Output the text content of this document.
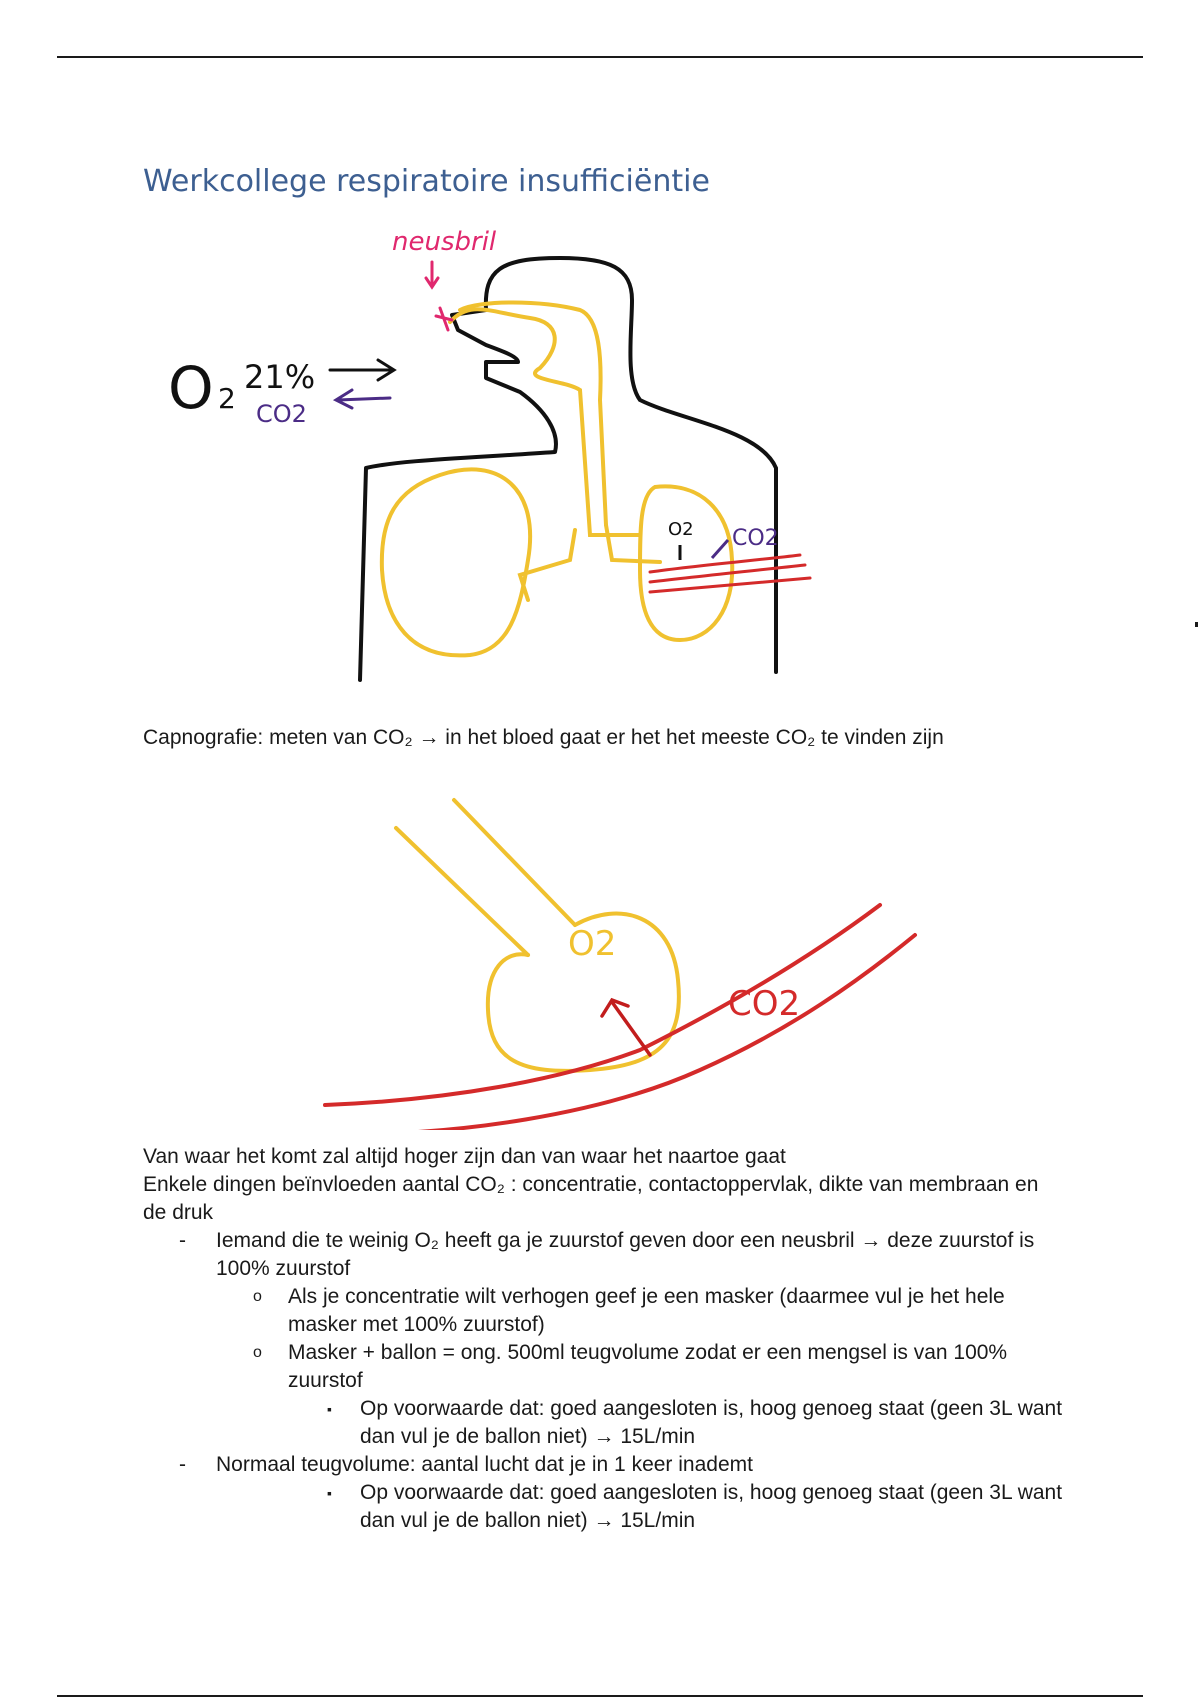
Werkcollege respiratoire insufficiëntie
neusbril
O 2
21%
CO2
O2 CO2
Capnografie: meten van CO₂ → in het bloed gaat er het het meeste CO₂ te vinden zijn
O2
CO2

Van waar het komt zal altijd hoger zijn dan van waar het naartoe gaat

Enkele dingen beïnvloeden aantal CO₂ : concentratie, contactoppervlak, dikte van membraan en de druk

- Iemand die te weinig O₂ heeft ga je zuurstof geven door een neusbril → deze zuurstof is 100% zuurstof
o Als je concentratie wilt verhogen geef je een masker (daarmee vul je het hele masker met 100% zuurstof)
o Masker + ballon = ong. 500ml teugvolume zodat er een mengsel is van 100% zuurstof
▪ Op voorwaarde dat: goed aangesloten is, hoog genoeg staat (geen 3L want dan vul je de ballon niet) → 15L/min
- Normaal teugvolume: aantal lucht dat je in 1 keer inademt
▪ Op voorwaarde dat: goed aangesloten is, hoog genoeg staat (geen 3L want dan vul je de ballon niet) → 15L/min
